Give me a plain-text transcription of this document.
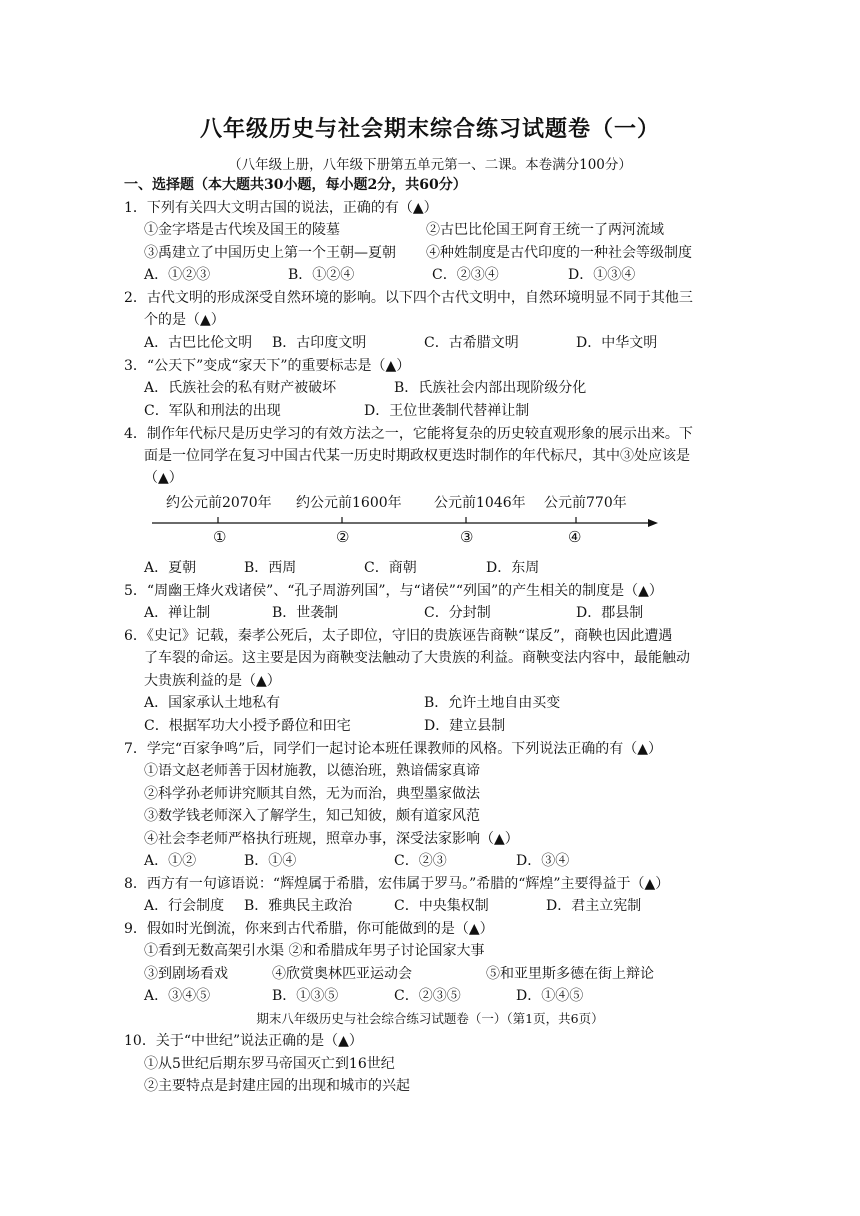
八年级历史与社会期末综合练习试题卷（一）
（八年级上册，八年级下册第五单元第一、二课。本卷满分100分）
一、选择题（本大题共30小题，每小题2分，共60分）
1．下列有关四大文明古国的说法，正确的有（▲）
①金字塔是古代埃及国王的陵墓	②古巴比伦国王阿育王统一了两河流域
③禹建立了中国历史上第一个王朝—夏朝 ④种姓制度是古代印度的一种社会等级制度
A．①②③	B．①②④	C．②③④	D．①③④
2．古代文明的形成深受自然环境的影响。以下四个古代文明中，自然环境明显不同于其他三
个的是（▲）
A．古巴比伦文明 B．古印度文明	C．古希腊文明	D．中华文明
3．“公天下”变成“家天下”的重要标志是（▲）
A．氏族社会的私有财产被破坏	B．氏族社会内部出现阶级分化
C．军队和刑法的出现	D．王位世袭制代替禅让制
4．制作年代标尺是历史学习的有效方法之一，它能将复杂的历史较直观形象的展示出来。下
面是一位同学在复习中国古代某一历史时期政权更迭时制作的年代标尺，其中③处应该是
（▲）
约公元前2070年 约公元前1600年 公元前1046年 公元前770年
①	②	③	④
A．夏朝	B．西周	C．商朝	D．东周
5．“周幽王烽火戏诸侯”、“孔子周游列国”，与“诸侯”“列国”的产生相关的制度是（▲）
A．禅让制	B．世袭制	C．分封制	D．郡县制
6．《史记》记载，秦孝公死后，太子即位，守旧的贵族诬告商鞅“谋反”，商鞅也因此遭遇
了车裂的命运。这主要是因为商鞅变法触动了大贵族的利益。商鞅变法内容中，最能触动
大贵族利益的是（▲）
A．国家承认土地私有	B．允许土地自由买变
C．根据军功大小授予爵位和田宅	D．建立县制
7．学完“百家争鸣”后，同学们一起讨论本班任课教师的风格。下列说法正确的有（▲）
①语文赵老师善于因材施教，以德治班，熟谙儒家真谛
②科学孙老师讲究顺其自然，无为而治，典型墨家做法
③数学钱老师深入了解学生，知己知彼，颇有道家风范
④社会李老师严格执行班规，照章办事，深受法家影响（▲）
A．①②	B．①④	C．②③	D．③④
8．西方有一句谚语说：“辉煌属于希腊，宏伟属于罗马。”希腊的“辉煌”主要得益于（▲）
A．行会制度 B．雅典民主政治	C．中央集权制	D．君主立宪制
9．假如时光倒流，你来到古代希腊，你可能做到的是（▲）
①看到无数高架引水渠 ②和希腊成年男子讨论国家大事
③到剧场看戏	④欣赏奥林匹亚运动会	⑤和亚里斯多德在街上辩论
A．③④⑤	B．①③⑤	C．②③⑤	D．①④⑤
期末八年级历史与社会综合练习试题卷（一）（第1页，共6页）
10．关于“中世纪”说法正确的是（▲）
①从5世纪后期东罗马帝国灭亡到16世纪
②主要特点是封建庄园的出现和城市的兴起
